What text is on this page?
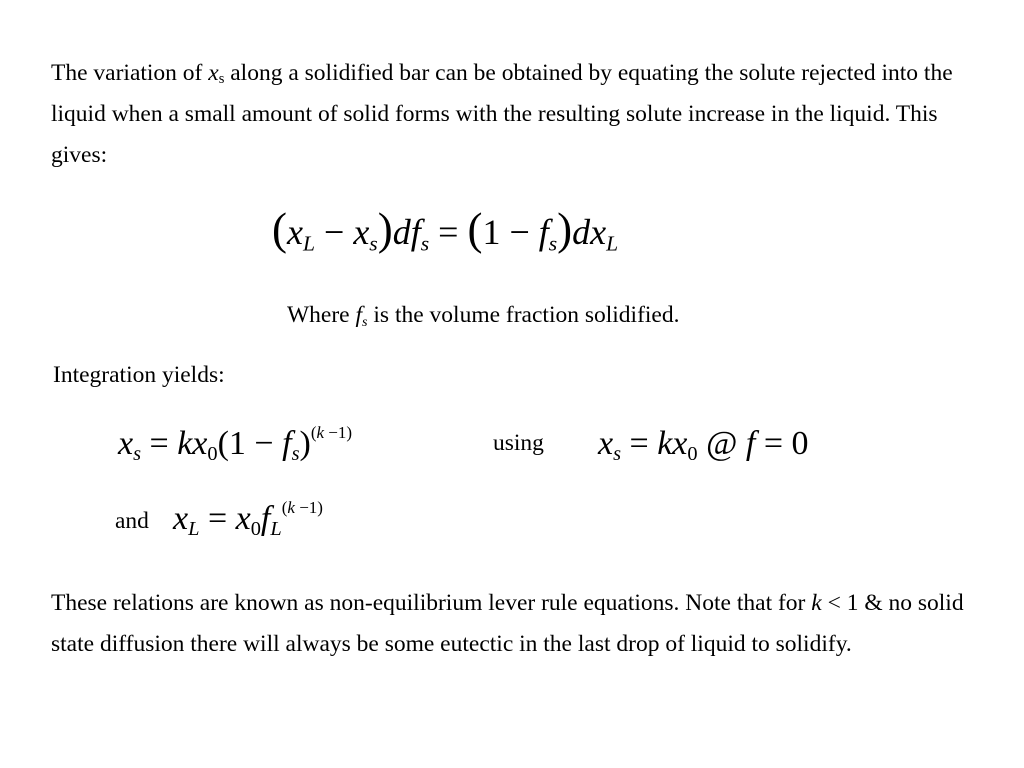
The variation of $x_s$ along a solidified bar can be obtained by equating the solute rejected into the liquid when a small amount of solid forms with the resulting solute increase in the liquid. This gives:
(xL − xs)dfs = (1 − fs)dxL
Where fs is the volume fraction solidified.
Integration yields:
xs = kx0(1 − fs)$^{(k -1)}$	using xs = kx0 @ f = 0
and xL = $x0fL^{(k -1)}$
These relations are known as non-equilibrium lever rule equations. Note that for k < 1 & no solid state diffusion there will always be some eutectic in the last drop of liquid to solidify.
